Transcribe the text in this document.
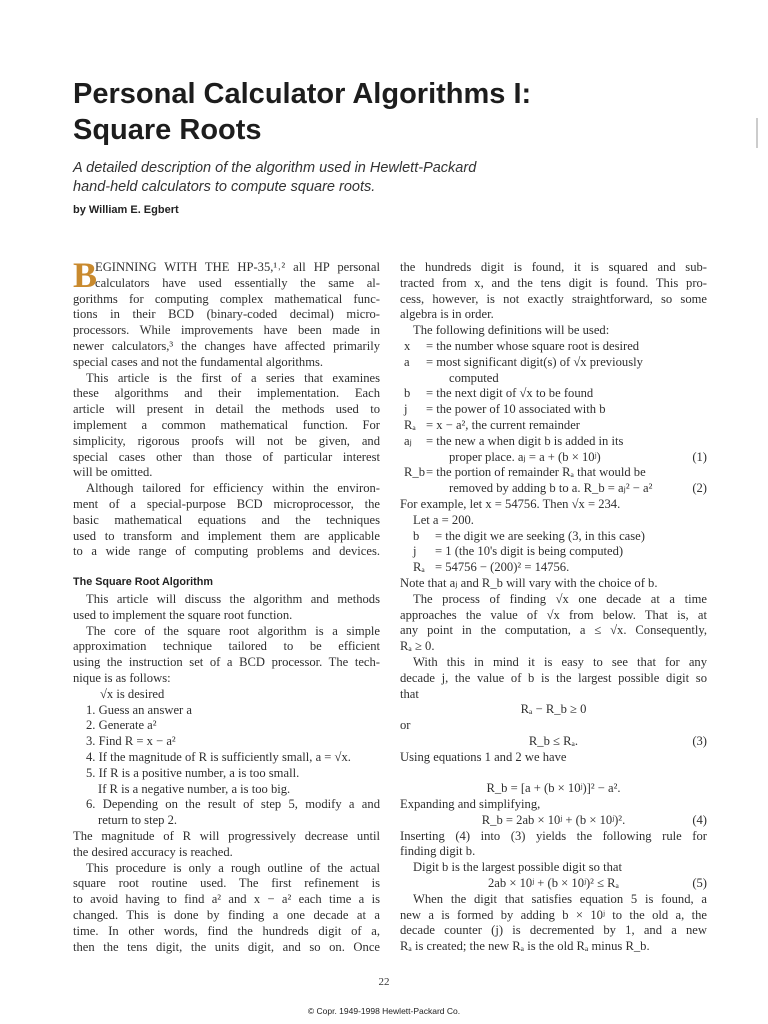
Personal Calculator Algorithms I:
Square Roots
A detailed description of the algorithm used in Hewlett-Packard hand-held calculators to compute square roots.
by William E. Egbert
B
EGINNING WITH THE HP-35,¹˒² all HP personal
calculators have used essentially the same al-
gorithms for computing complex mathematical func-
tions in their BCD (binary-coded decimal) micro-
processors. While improvements have been made in
newer calculators,³ the changes have affected primarily
special cases and not the fundamental algorithms.
This article is the first of a series that examines
these algorithms and their implementation. Each
article will present in detail the methods used to
implement a common mathematical function. For
simplicity, rigorous proofs will not be given, and
special cases other than those of particular interest
will be omitted.
Although tailored for efficiency within the environ-
ment of a special-purpose BCD microprocessor, the
basic mathematical equations and the techniques
used to transform and implement them are applicable
to a wide range of computing problems and devices.
The Square Root Algorithm
This article will discuss the algorithm and methods
used to implement the square root function.
The core of the square root algorithm is a simple
approximation technique tailored to be efficient
using the instruction set of a BCD processor. The tech-
nique is as follows:
√x is desired
1. Guess an answer a
2. Generate a²
3. Find R = x − a²
4. If the magnitude of R is sufficiently small, a = √x.
5. If R is a positive number, a is too small.
If R is a negative number, a is too big.
6. Depending on the result of step 5, modify a and
return to step 2.
The magnitude of R will progressively decrease until
the desired accuracy is reached.
This procedure is only a rough outline of the actual
square root routine used. The first refinement is
to avoid having to find a² and x − a² each time a is
changed. This is done by finding a one decade at a
time. In other words, find the hundreds digit of a,
then the tens digit, the units digit, and so on. Once
the hundreds digit is found, it is squared and sub-
tracted from x, and the tens digit is found. This pro-
cess, however, is not exactly straightforward, so some
algebra is in order.
The following definitions will be used:
x	= the number whose square root is desired
a	= most significant digit(s) of √x previously
computed
b	= the next digit of √x to be found
j	= the power of 10 associated with b
Rₐ = x − a², the current remainder
aⱼ	= the new a when digit b is added in its
proper place. aⱼ = a + (b × 10ʲ)	(1)
R_b = the portion of remainder Rₐ that would be
removed by adding b to a. R_b = aⱼ² − a²	(2)
For example, let x = 54756. Then √x = 234.
Let a = 200.
b	= the digit we are seeking (3, in this case)
j	= 1 (the 10's digit is being computed)
Rₐ = 54756 − (200)² = 14756.
Note that aⱼ and R_b will vary with the choice of b.
The process of finding √x one decade at a time
approaches the value of √x from below. That is, at
any point in the computation, a ≤ √x. Consequently,
Rₐ ≥ 0.
With this in mind it is easy to see that for any
decade j, the value of b is the largest possible digit so
that
Rₐ − R_b ≥ 0
or
R_b ≤ Rₐ.	(3)
Using equations 1 and 2 we have
R_b = [a + (b × 10ʲ)]² − a².
Expanding and simplifying,
R_b = 2ab × 10ʲ + (b × 10ʲ)².	(4)
Inserting (4) into (3) yields the following rule for
finding digit b.
Digit b is the largest possible digit so that
2ab × 10ʲ + (b × 10ʲ)² ≤ Rₐ	(5)
When the digit that satisfies equation 5 is found, a
new a is formed by adding b × 10ʲ to the old a, the
decade counter (j) is decremented by 1, and a new
Rₐ is created; the new Rₐ is the old Rₐ minus R_b.
22
© Copr. 1949-1998 Hewlett-Packard Co.
